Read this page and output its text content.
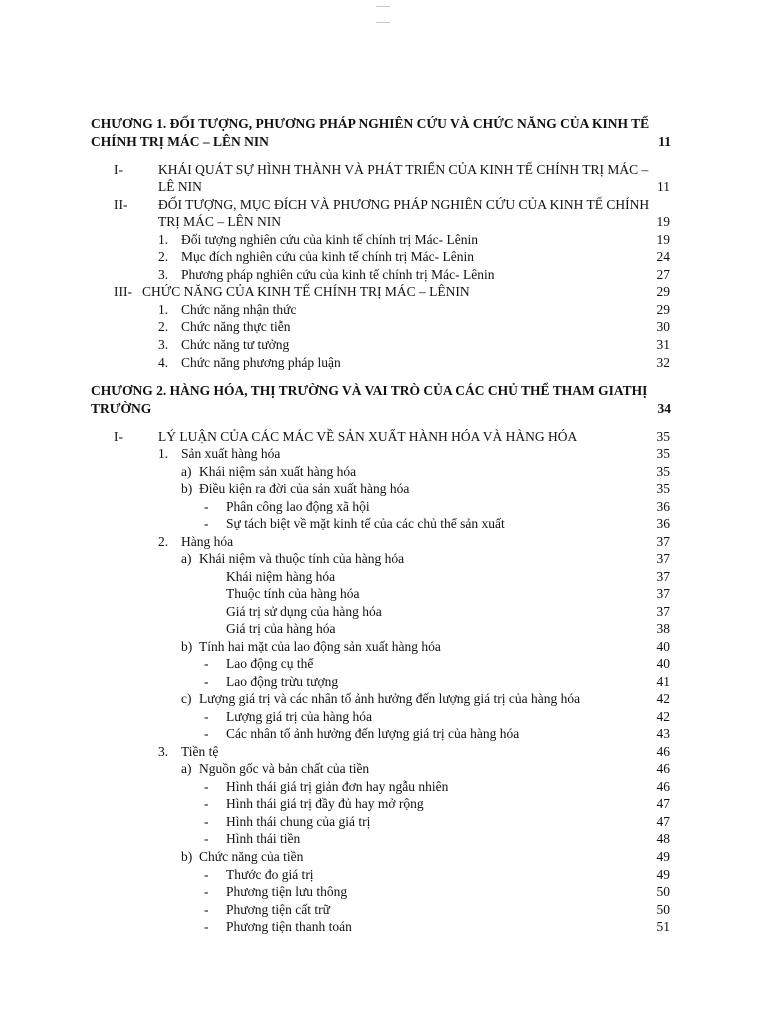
CHƯƠNG 1. ĐỐI TƯỢNG, PHƯƠNG PHÁP NGHIÊN CỨU VÀ CHỨC NĂNG CỦA KINH TẾ
CHÍNH TRỊ MÁC – LÊN NIN	11
I-	KHÁI QUÁT SỰ HÌNH THÀNH VÀ PHÁT TRIỂN CỦA KINH TẾ CHÍNH TRỊ MÁC –
LÊ NIN	11
II- ĐỐI TƯỢNG, MỤC ĐÍCH VÀ PHƯƠNG PHÁP NGHIÊN CỨU CỦA KINH TẾ CHÍNH
TRỊ MÁC – LÊN NIN	19
1. Đối tượng nghiên cứu của kinh tế chính trị Mác- Lênin	19
2. Mục đích nghiên cứu của kinh tế chính trị Mác- Lênin	24
3. Phương pháp nghiên cứu của kinh tế chính trị Mác- Lênin	27
III- CHỨC NĂNG CỦA KINH TẾ CHÍNH TRỊ MÁC – LÊNIN	29
1. Chức năng nhận thức	29
2. Chức năng thực tiễn	30
3. Chức năng tư tưởng	31
4. Chức năng phương pháp luận	32
CHƯƠNG 2. HÀNG HÓA, THỊ TRƯỜNG VÀ VAI TRÒ CỦA CÁC CHỦ THỂ THAM GIATHỊ
TRƯỜNG	34
I-	LÝ LUẬN CỦA CÁC MÁC VỀ SẢN XUẤT HÀNH HÓA VÀ HÀNG HÓA	35
1. Sản xuất hàng hóa	35
a) Khái niệm sản xuất hàng hóa	35
b) Điều kiện ra đời của sản xuất hàng hóa	35
- Phân công lao động xã hội	36
- Sự tách biệt về mặt kinh tế của các chủ thể sản xuất	36
2. Hàng hóa	37
a) Khái niệm và thuộc tính của hàng hóa	37
Khái niệm hàng hóa	37
Thuộc tính của hàng hóa	37
Giá trị sử dụng của hàng hóa	37
Giá trị của hàng hóa	38
b) Tính hai mặt của lao động sản xuất hàng hóa	40
- Lao động cụ thể	40
- Lao động trừu tượng	41
c) Lượng giá trị và các nhân tố ảnh hưởng đến lượng giá trị của hàng hóa	42
- Lượng giá trị của hàng hóa	42
- Các nhân tố ảnh hưởng đến lượng giá trị của hàng hóa	43
3. Tiền tệ	46
a) Nguồn gốc và bản chất của tiền	46
- Hình thái giá trị giản đơn hay ngẫu nhiên	46
- Hình thái giá trị đầy đủ hay mở rộng	47
- Hình thái chung của giá trị	47
- Hình thái tiền	48
b) Chức năng của tiền	49
- Thước đo giá trị	49
- Phương tiện lưu thông	50
- Phương tiện cất trữ	50
- Phương tiện thanh toán	51
